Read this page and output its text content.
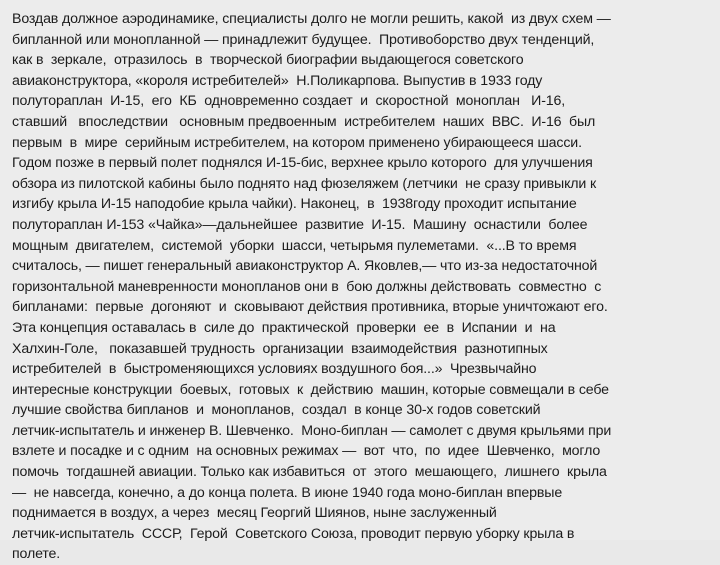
Воздав должное аэродинамике, специалисты долго не могли решить, какой  из двух схем —
бипланной или монопланной — принадлежит будущее.  Противоборство двух тенденций,
как в  зеркале,  отразилось  в  творческой биографии выдающегося советского
авиаконструктора, «короля истребителей»  Н.Поликарпова. Выпустив в 1933 году
полутораплан  И-15,  его  КБ  одновременно создает  и  скоростной  моноплан   И-16,
ставший   впоследствии   основным предвоенным  истребителем  наших  ВВС.  И-16  был
первым  в  мире  серийным истребителем, на котором применено убирающееся шасси.
Годом позже в первый полет поднялся И-15-бис, верхнее крыло которого  для улучшения
обзора из пилотской кабины было поднято над фюзеляжем (летчики  не сразу привыкли к
изгибу крыла И-15 наподобие крыла чайки). Наконец,  в  1938году проходит испытание
полутораплан И-153 «Чайка»—дальнейшее  развитие  И-15.  Машину  оснастили  более
мощным  двигателем,  системой  уборки  шасси, четырьмя пулеметами.  «...В то время
считалось, — пишет генеральный авиаконструктор А. Яковлев,— что из-за недостаточной
горизонтальной маневренности монопланов они в  бою должны действовать  совместно  с
бипланами:  первые  догоняют  и  сковывают действия противника, вторые уничтожают его.
Эта концепция оставалась в  силе до  практической  проверки  ее  в  Испании  и  на
Халхин-Голе,   показавшей трудность  организации  взаимодействия  разнотипных
истребителей  в  быстроменяющихся условиях воздушного боя...»  Чрезвычайно
интересные конструкции  боевых,  готовых  к  действию  машин, которые совмещали в себе
лучшие свойства бипланов  и  монопланов,  создал  в конце 30-х годов советский
летчик-испытатель и инженер В. Шевченко.  Моно-биплан — самолет с двумя крыльями при
взлете и посадке и с одним  на основных режимах —  вот  что,  по  идее  Шевченко,  могло
помочь  тогдашней авиации. Только как избавиться  от  этого  мешающего,  лишнего  крыла
—  не навсегда, конечно, а до конца полета. В июне 1940 года моно-биплан впервые
поднимается в воздух, а через  месяц Георгий Шиянов, ныне заслуженный
летчик-испытатель  СССР,  Герой  Советского Союза, проводит первую уборку крыла в
полете.
